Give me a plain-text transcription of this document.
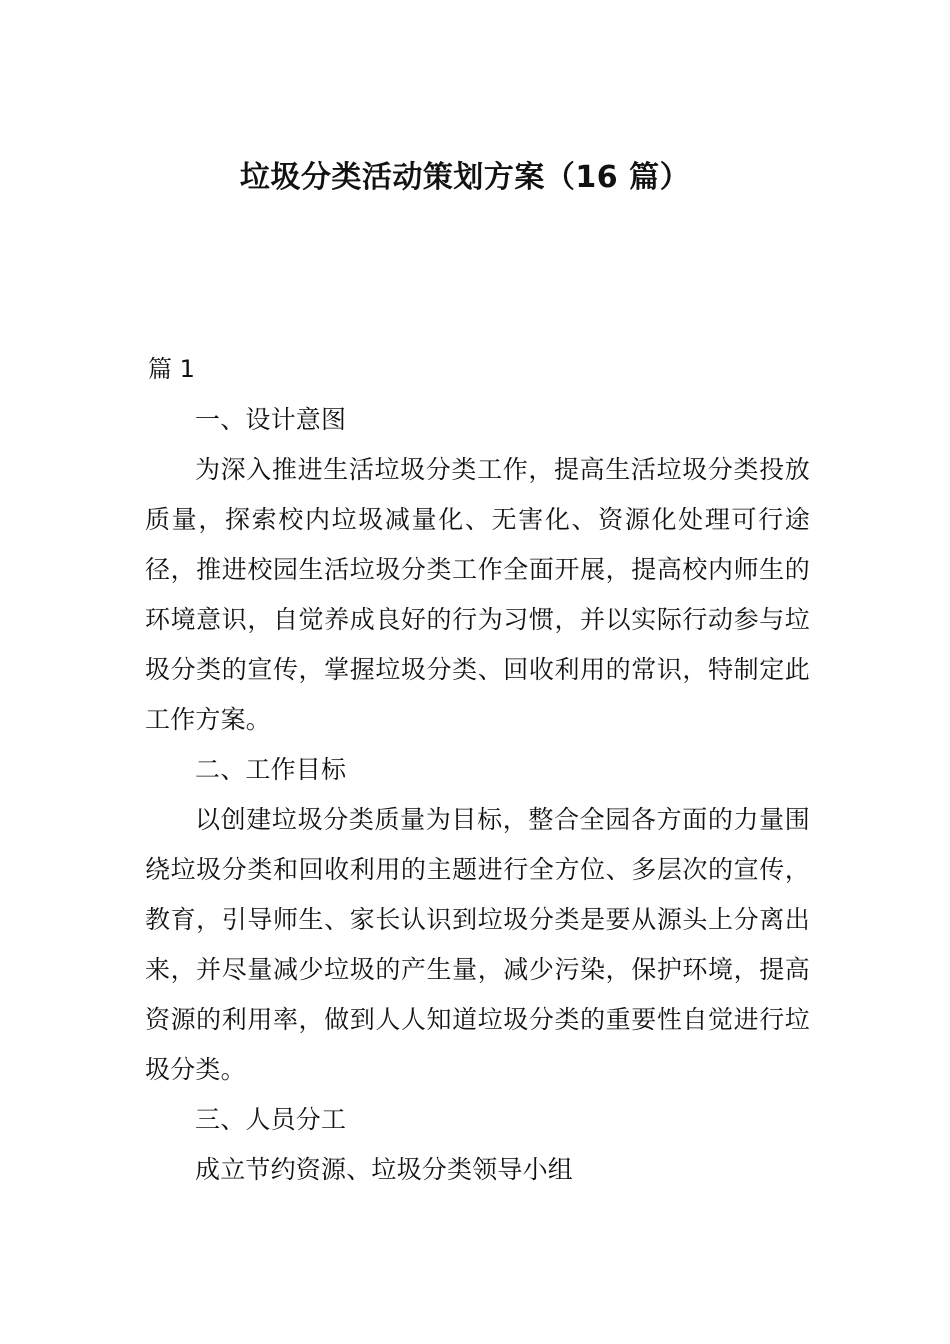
垃圾分类活动策划方案（16 篇）
篇 1

一、设计意图

为深入推进生活垃圾分类工作，提高生活垃圾分类投放质量，探索校内垃圾减量化、无害化、资源化处理可行途径，推进校园生活垃圾分类工作全面开展，提高校内师生的环境意识，自觉养成良好的行为习惯，并以实际行动参与垃圾分类的宣传，掌握垃圾分类、回收利用的常识，特制定此工作方案。

二、工作目标

以创建垃圾分类质量为目标，整合全园各方面的力量围绕垃圾分类和回收利用的主题进行全方位、多层次的宣传，教育，引导师生、家长认识到垃圾分类是要从源头上分离出来，并尽量减少垃圾的产生量，减少污染，保护环境，提高资源的利用率，做到人人知道垃圾分类的重要性自觉进行垃圾分类。

三、人员分工

成立节约资源、垃圾分类领导小组
